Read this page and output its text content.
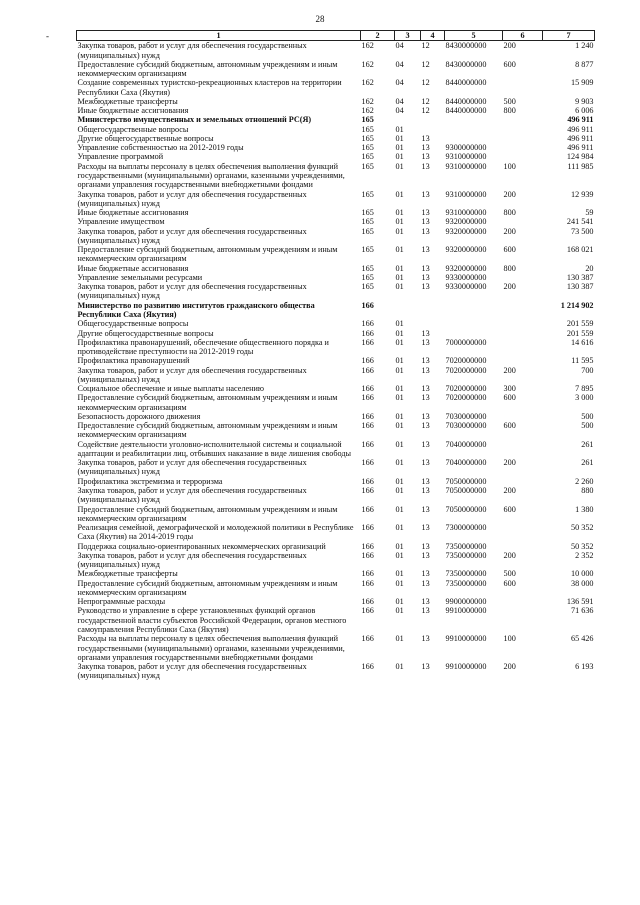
28
-	1	2	3	4	5	6	7
Закупка товаров, работ и услуг для обеспечения государственных (муниципальных) нужд	162	04	12	8430000000	200	1 240
Предоставление субсидий бюджетным, автономным учреждениям и иным некоммерческим организациям	162	04	12	8430000000	600	8 877
Создание современных туристско-рекреационных кластеров на территории Республики Саха (Якутия)	162	04	12	8440000000		15 909
Межбюджетные трансферты	162	04	12	8440000000	500	9 903
Иные бюджетные ассигнования	162	04	12	8440000000	800	6 006
Министерство имущественных и земельных отношений РС(Я)	165					496 911
Общегосударственные вопросы	165	01				496 911
Другие общегосударственные вопросы	165	01	13			496 911
Управление собственностью на 2012-2019 годы	165	01	13	9300000000		496 911
Управление программой	165	01	13	9310000000		124 984
Расходы на выплаты персоналу в целях обеспечения выполнения функций государственными (муниципальными) органами, казенными учреждениями, органами управления государственными внебюджетными фондами	165	01	13	9310000000	100	111 985
Закупка товаров, работ и услуг для обеспечения государственных (муниципальных) нужд	165	01	13	9310000000	200	12 939
Иные бюджетные ассигнования	165	01	13	9310000000	800	59
Управление имуществом	165	01	13	9320000000		241 541
Закупка товаров, работ и услуг для обеспечения государственных (муниципальных) нужд	165	01	13	9320000000	200	73 500
Предоставление субсидий бюджетным, автономным учреждениям и иным некоммерческим организациям	165	01	13	9320000000	600	168 021
Иные бюджетные ассигнования	165	01	13	9320000000	800	20
Управление земельными ресурсами	165	01	13	9330000000		130 387
Закупка товаров, работ и услуг для обеспечения государственных (муниципальных) нужд	165	01	13	9330000000	200	130 387
Министерство по развитию институтов гражданского общества Республики Саха (Якутия)	166					1 214 902
Общегосударственные вопросы	166	01				201 559
Другие общегосударственные вопросы	166	01	13			201 559
Профилактика правонарушений, обеспечение общественного порядка и противодействие преступности на 2012-2019 годы	166	01	13	7000000000		14 616
Профилактика правонарушений	166	01	13	7020000000		11 595
Закупка товаров, работ и услуг для обеспечения государственных (муниципальных) нужд	166	01	13	7020000000	200	700
Социальное обеспечение и иные выплаты населению	166	01	13	7020000000	300	7 895
Предоставление субсидий бюджетным, автономным учреждениям и иным некоммерческим организациям	166	01	13	7020000000	600	3 000
Безопасность дорожного движения	166	01	13	7030000000		500
Предоставление субсидий бюджетным, автономным учреждениям и иным некоммерческим организациям	166	01	13	7030000000	600	500
Содействие деятельности уголовно-исполнительной системы и социальной адаптации и реабилитации лиц, отбывших наказание в виде лишения свободы	166	01	13	7040000000		261
Закупка товаров, работ и услуг для обеспечения государственных (муниципальных) нужд	166	01	13	7040000000	200	261
Профилактика экстремизма и терроризма	166	01	13	7050000000		2 260
Закупка товаров, работ и услуг для обеспечения государственных (муниципальных) нужд	166	01	13	7050000000	200	880
Предоставление субсидий бюджетным, автономным учреждениям и иным некоммерческим организациям	166	01	13	7050000000	600	1 380
Реализация семейной, демографической и молодежной политики в Республике Саха (Якутия) на 2014-2019 годы	166	01	13	7300000000		50 352
Поддержка социально-ориентированных некоммерческих организаций	166	01	13	7350000000		50 352
Закупка товаров, работ и услуг для обеспечения государственных (муниципальных) нужд	166	01	13	7350000000	200	2 352
Межбюджетные трансферты	166	01	13	7350000000	500	10 000
Предоставление субсидий бюджетным, автономным учреждениям и иным некоммерческим организациям	166	01	13	7350000000	600	38 000
Непрограммные расходы	166	01	13	9900000000		136 591
Руководство и управление в сфере установленных функций органов государственной власти субъектов Российской Федерации, органов местного самоуправления Республики Саха (Якутия)	166	01	13	9910000000		71 636
Расходы на выплаты персоналу в целях обеспечения выполнения функций государственными (муниципальными) органами, казенными учреждениями, органами управления государственными внебюджетными фондами	166	01	13	9910000000	100	65 426
Закупка товаров, работ и услуг для обеспечения государственных (муниципальных) нужд	166	01	13	9910000000	200	6 193
